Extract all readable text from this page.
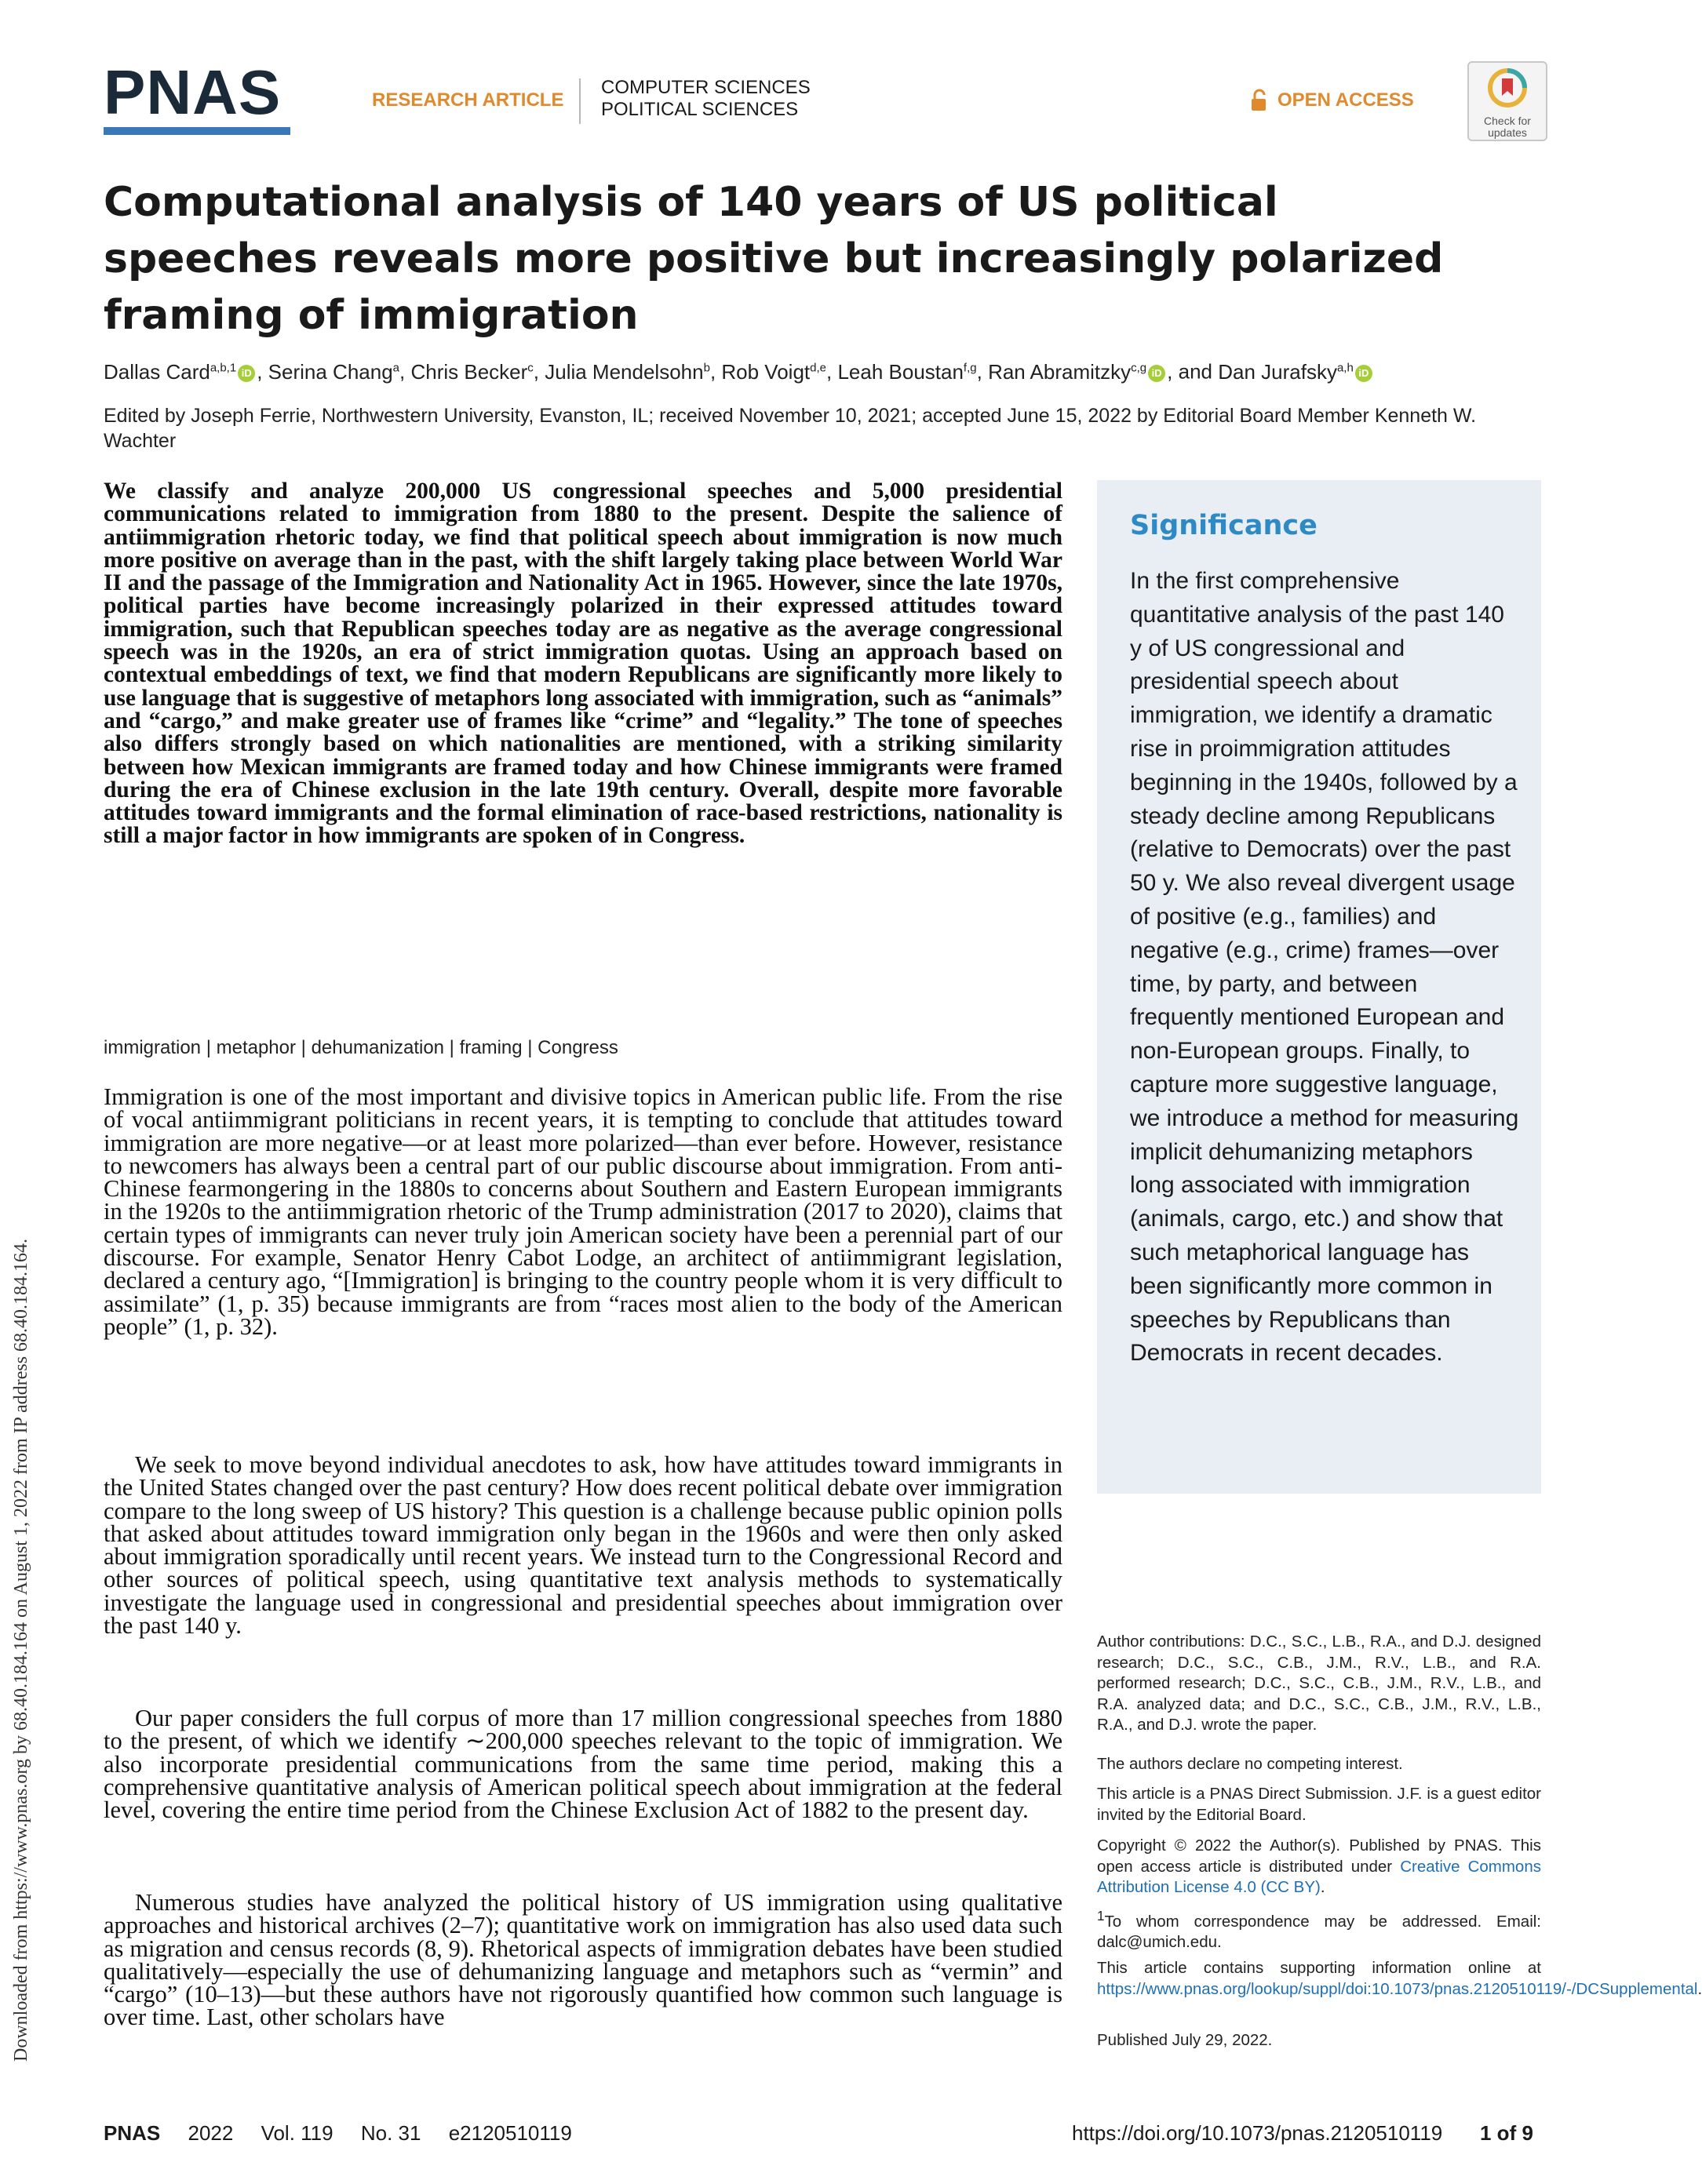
PNAS	RESEARCH ARTICLE
COMPUTER SCIENCES
POLITICAL SCIENCES	OPEN ACCESS
Check for
updates
Computational analysis of 140 years of US political speeches reveals more positive but increasingly polarized framing of immigration
Dallas Card$^{a,b,1}$ iD , Serina Chang$^a$, Chris Becker$^c$, Julia Mendelsohn$^b$, Rob Voigt$^{d,e}$, Leah Boustan$^{f,g}$, Ran Abramitzky$^{c,g}$ iD , and Dan Jurafsky$^{a,h}$ iD
Edited by Joseph Ferrie, Northwestern University, Evanston, IL; received November 10, 2021; accepted June 15, 2022 by Editorial Board Member Kenneth W. Wachter
We classify and analyze 200,000 US congressional speeches and 5,000 presidential communications related to immigration from 1880 to the present. Despite the salience of antiimmigration rhetoric today, we find that political speech about immigration is now much more positive on average than in the past, with the shift largely taking place between World War II and the passage of the Immigration and Nationality Act in 1965. However, since the late 1970s, political parties have become increasingly polarized in their expressed attitudes toward immigration, such that Republican speeches today are as negative as the average congressional speech was in the 1920s, an era of strict immigration quotas. Using an approach based on contextual embeddings of text, we find that modern Republicans are significantly more likely to use language that is suggestive of metaphors long associated with immigration, such as “animals” and “cargo,” and make greater use of frames like “crime” and “legality.” The tone of speeches also differs strongly based on which nationalities are mentioned, with a striking similarity between how Mexican immigrants are framed today and how Chinese immigrants were framed during the era of Chinese exclusion in the late 19th century. Overall, despite more favorable attitudes toward immigrants and the formal elimination of race-based restrictions, nationality is still a major factor in how immigrants are spoken of in Congress.
immigration | metaphor | dehumanization | framing | Congress
Immigration is one of the most important and divisive topics in American public life. From the rise of vocal antiimmigrant politicians in recent years, it is tempting to conclude that attitudes toward immigration are more negative—or at least more polarized—than ever before. However, resistance to newcomers has always been a central part of our public discourse about immigration. From anti-Chinese fearmongering in the 1880s to concerns about Southern and Eastern European immigrants in the 1920s to the antiimmigration rhetoric of the Trump administration (2017 to 2020), claims that certain types of immigrants can never truly join American society have been a perennial part of our discourse. For example, Senator Henry Cabot Lodge, an architect of antiimmigrant legislation, declared a century ago, “[Immigration] is bringing to the country people whom it is very difficult to assimilate” (1, p. 35) because immigrants are from “races most alien to the body of the American people” (1, p. 32).
We seek to move beyond individual anecdotes to ask, how have attitudes toward immigrants in the United States changed over the past century? How does recent political debate over immigration compare to the long sweep of US history? This question is a challenge because public opinion polls that asked about attitudes toward immigration only began in the 1960s and were then only asked about immigration sporadically until recent years. We instead turn to the Congressional Record and other sources of political speech, using quantitative text analysis methods to systematically investigate the language used in congressional and presidential speeches about immigration over the past 140 y.
Our paper considers the full corpus of more than 17 million congressional speeches from 1880 to the present, of which we identify ∼200,000 speeches relevant to the topic of immigration. We also incorporate presidential communications from the same time period, making this a comprehensive quantitative analysis of American political speech about immigration at the federal level, covering the entire time period from the Chinese Exclusion Act of 1882 to the present day.
Numerous studies have analyzed the political history of US immigration using qualitative approaches and historical archives (2–7); quantitative work on immigration has also used data such as migration and census records (8, 9). Rhetorical aspects of immigration debates have been studied qualitatively—especially the use of dehumanizing language and metaphors such as “vermin” and “cargo” (10–13)—but these authors have not rigorously quantified how common such language is over time. Last, other scholars have
Significance
In the first comprehensive quantitative analysis of the past 140 y of US congressional and presidential speech about immigration, we identify a dramatic rise in proimmigration attitudes beginning in the 1940s, followed by a steady decline among Republicans (relative to Democrats) over the past 50 y. We also reveal divergent usage of positive (e.g., families) and negative (e.g., crime) frames—over time, by party, and between frequently mentioned European and non-European groups. Finally, to capture more suggestive language, we introduce a method for measuring implicit dehumanizing metaphors long associated with immigration (animals, cargo, etc.) and show that such metaphorical language has been significantly more common in speeches by Republicans than Democrats in recent decades.
Author contributions: D.C., S.C., L.B., R.A., and D.J. designed research; D.C., S.C., C.B., J.M., R.V., L.B., and R.A. performed research; D.C., S.C., C.B., J.M., R.V., L.B., and R.A. analyzed data; and D.C., S.C., C.B., J.M., R.V., L.B., R.A., and D.J. wrote the paper.
The authors declare no competing interest.
This article is a PNAS Direct Submission. J.F. is a guest editor invited by the Editorial Board.
Copyright © 2022 the Author(s). Published by PNAS. This open access article is distributed under Creative Commons Attribution License 4.0 (CC BY).
$^1$To whom correspondence may be addressed. Email: dalc@umich.edu.
This article contains supporting information online at https://www.pnas.org/lookup/suppl/doi:10.1073/pnas.2120510119/-/DCSupplemental.
Published July 29, 2022.
Downloaded from https://www.pnas.org by 68.40.184.164 on August 1, 2022 from IP address 68.40.184.164.
PNAS 2022 Vol. 119 No. 31 e2120510119	https://doi.org/10.1073/pnas.2120510119 1 of 9
